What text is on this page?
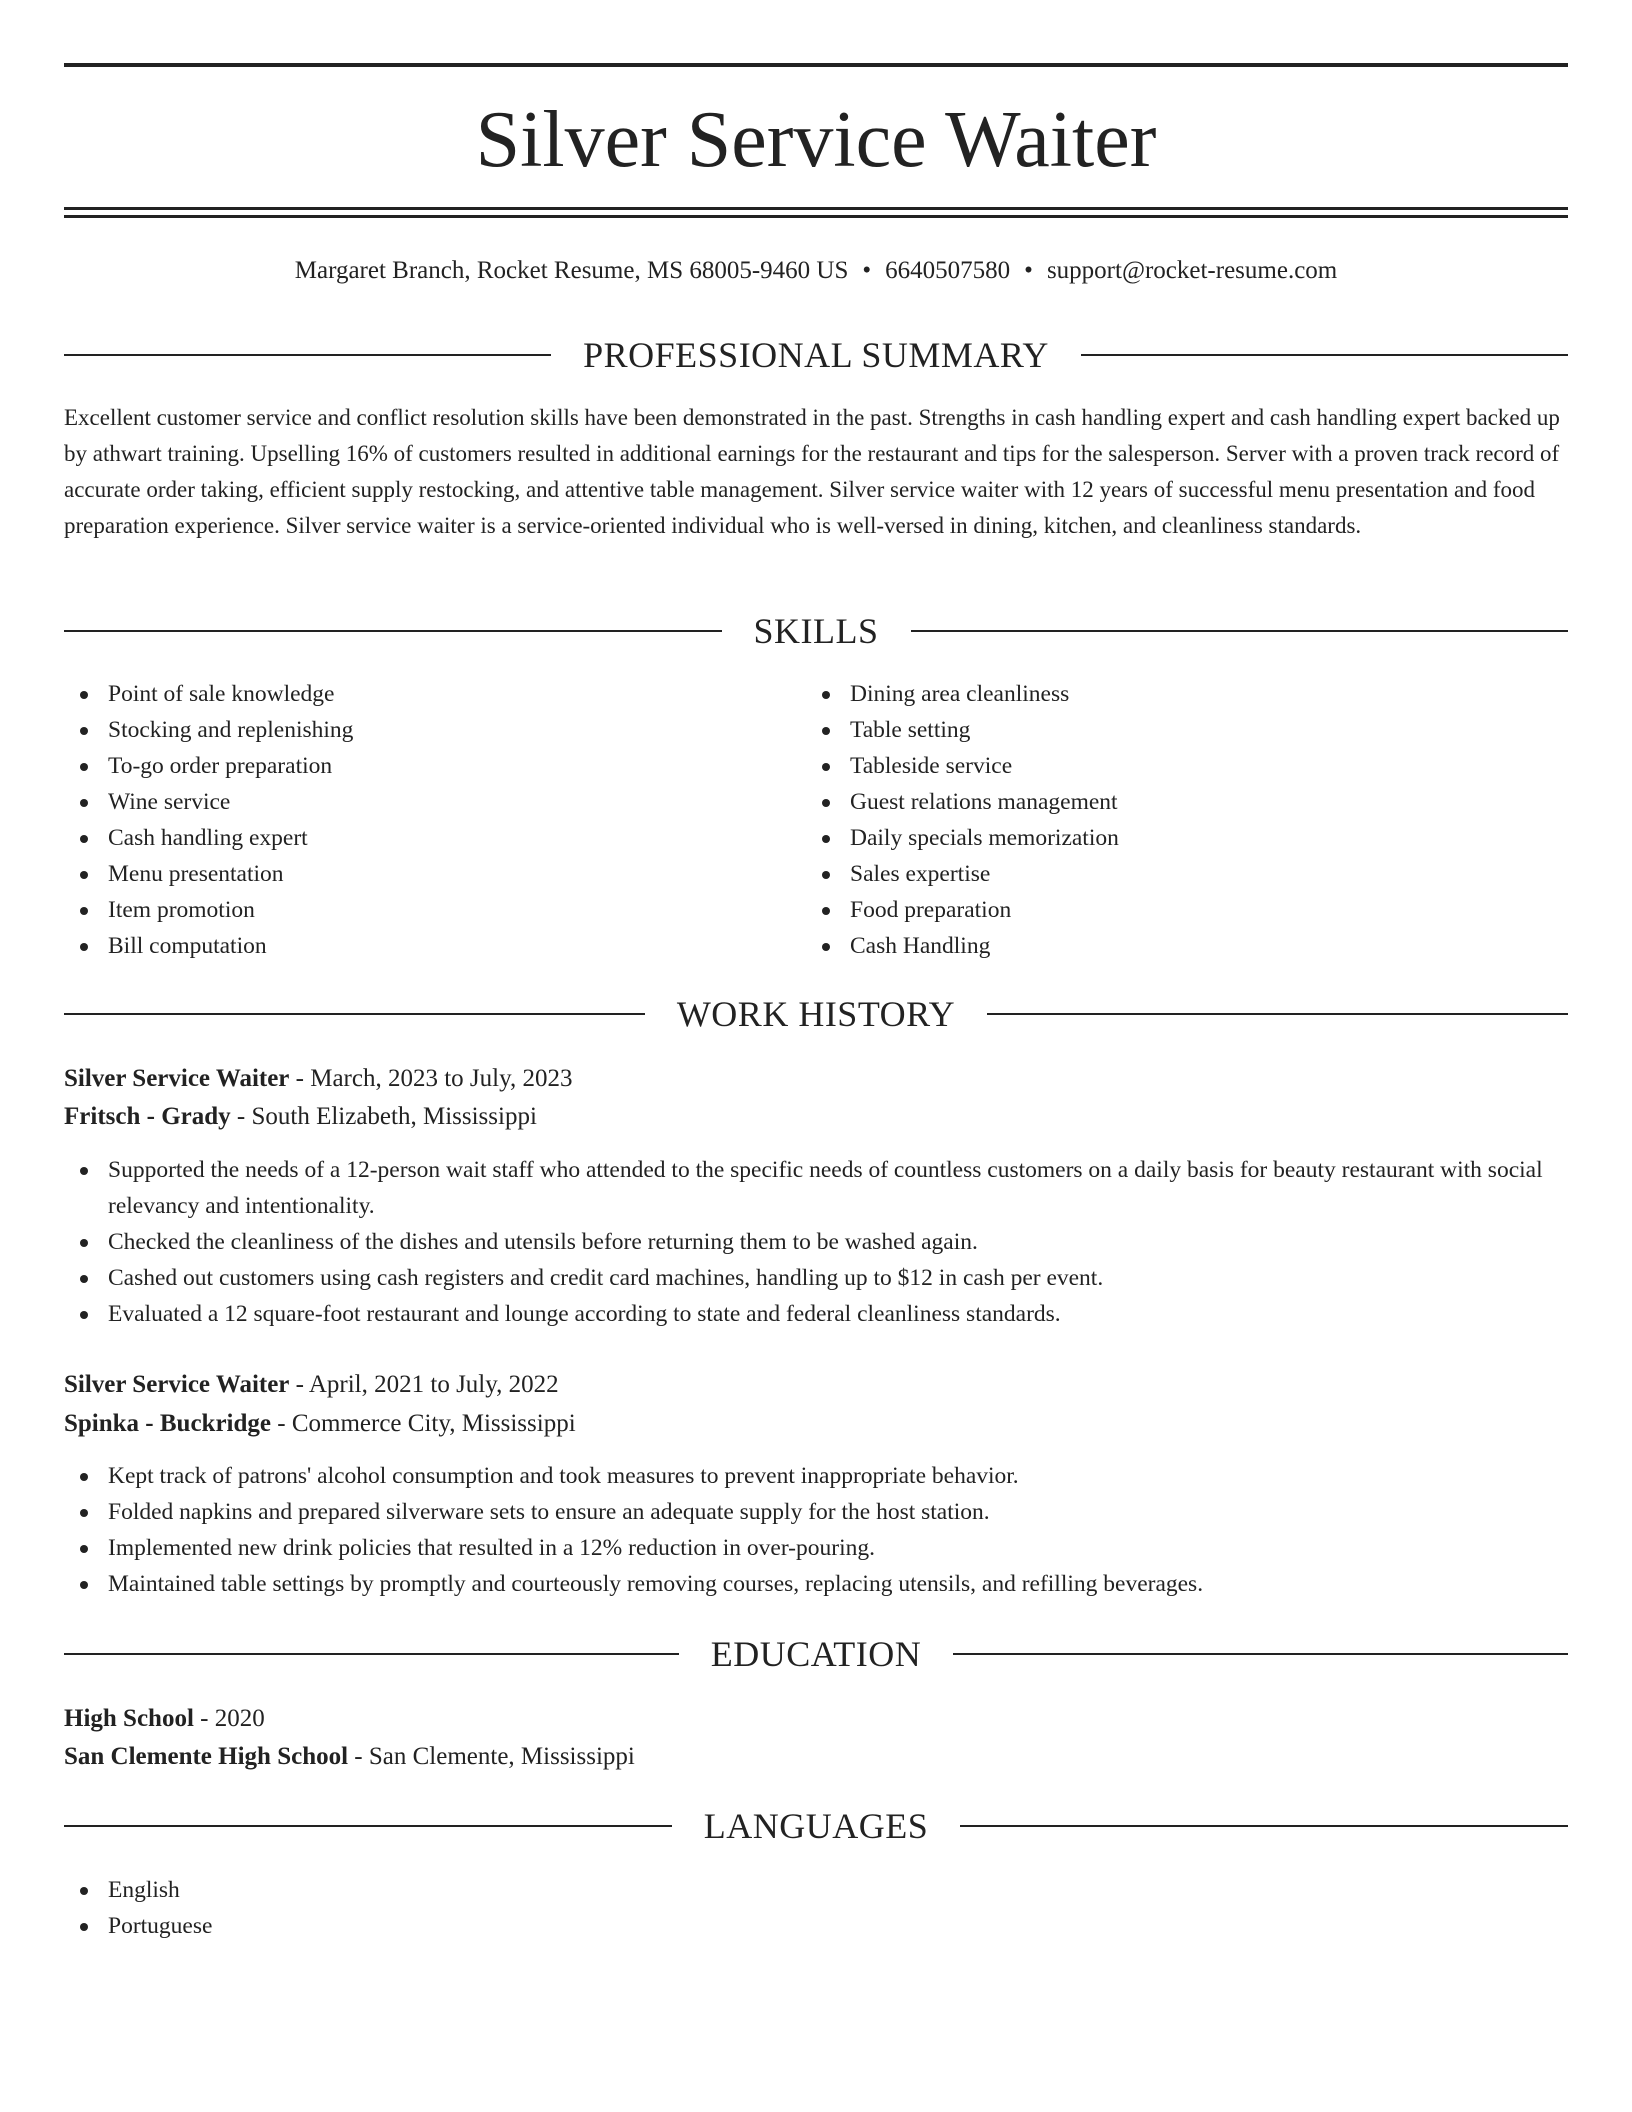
Silver Service Waiter
Margaret Branch, Rocket Resume, MS 68005-9460 US • 6640507580 • support@rocket-resume.com
PROFESSIONAL SUMMARY

Excellent customer service and conflict resolution skills have been demonstrated in the past. Strengths in cash handling expert and cash handling expert backed up by athwart training. Upselling 16% of customers resulted in additional earnings for the restaurant and tips for the salesperson. Server with a proven track record of accurate order taking, efficient supply restocking, and attentive table management. Silver service waiter with 12 years of successful menu presentation and food preparation experience. Silver service waiter is a service-oriented individual who is well-versed in dining, kitchen, and cleanliness standards.

SKILLS
Point of sale knowledge
Stocking and replenishing
To-go order preparation
Wine service
Cash handling expert
Menu presentation
Item promotion
Bill computation
Dining area cleanliness
Table setting
Tableside service
Guest relations management
Daily specials memorization
Sales expertise
Food preparation
Cash Handling
WORK HISTORY
Silver Service Waiter - March, 2023 to July, 2023
Fritsch - Grady - South Elizabeth, Mississippi
Supported the needs of a 12-person wait staff who attended to the specific needs of countless customers on a daily basis for beauty restaurant with social relevancy and intentionality.
Checked the cleanliness of the dishes and utensils before returning them to be washed again.
Cashed out customers using cash registers and credit card machines, handling up to $12 in cash per event.
Evaluated a 12 square-foot restaurant and lounge according to state and federal cleanliness standards.
Silver Service Waiter - April, 2021 to July, 2022
Spinka - Buckridge - Commerce City, Mississippi
Kept track of patrons' alcohol consumption and took measures to prevent inappropriate behavior.
Folded napkins and prepared silverware sets to ensure an adequate supply for the host station.
Implemented new drink policies that resulted in a 12% reduction in over-pouring.
Maintained table settings by promptly and courteously removing courses, replacing utensils, and refilling beverages.
EDUCATION
High School - 2020
San Clemente High School - San Clemente, Mississippi
LANGUAGES
English
Portuguese
